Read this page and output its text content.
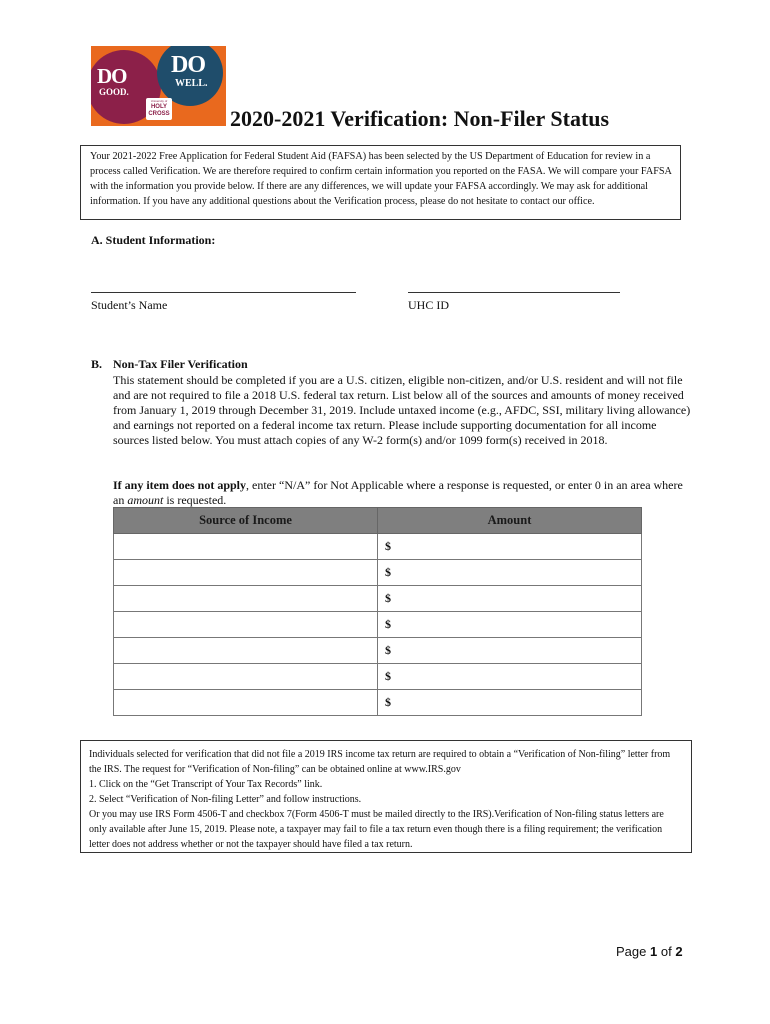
DO
GOOD.
DO
WELL.
University of
HOLY
CROSS	2020-2021 Verification: Non-Filer Status
Your 2021-2022 Free Application for Federal Student Aid (FAFSA) has been selected by the US Department of Education for review in a process called Verification. We are therefore required to confirm certain information you reported on the FASA. We will compare your FAFSA with the information you provide below. If there are any differences, we will update your FAFSA accordingly. We may ask for additional information. If you have any additional questions about the Verification process, please do not hesitate to contact our office.
A. Student Information:
Student’s Name	UHC ID
B. Non-Tax Filer Verification
This statement should be completed if you are a U.S. citizen, eligible non-citizen, and/or U.S. resident and will not file and are not required to file a 2018 U.S. federal tax return. List below all of the sources and amounts of money received from January 1, 2019 through December 31, 2019. Include untaxed income (e.g., AFDC, SSI, military living allowance) and earnings not reported on a federal income tax return. Please include supporting documentation for all income sources listed below. You must attach copies of any W-2 form(s) and/or 1099 form(s) received in 2018.
If any item does not apply, enter “N/A” for Not Applicable where a response is requested, or enter 0 in an area where an amount is requested.
Source of Income	Amount
	$
	$
	$
	$
	$
	$
	$
Individuals selected for verification that did not file a 2019 IRS income tax return are required to obtain a “Verification of Non-filing” letter from the IRS. The request for “Verification of Non-filing” can be obtained online at www.IRS.gov
1. Click on the “Get Transcript of Your Tax Records” link.
2. Select “Verification of Non-filing Letter” and follow instructions.
Or you may use IRS Form 4506-T and checkbox 7(Form 4506-T must be mailed directly to the IRS).Verification of Non-filing status letters are only available after June 15, 2019. Please note, a taxpayer may fail to file a tax return even though there is a filing requirement; the verification letter does not address whether or not the taxpayer should have filed a tax return.
Page 1 of 2
